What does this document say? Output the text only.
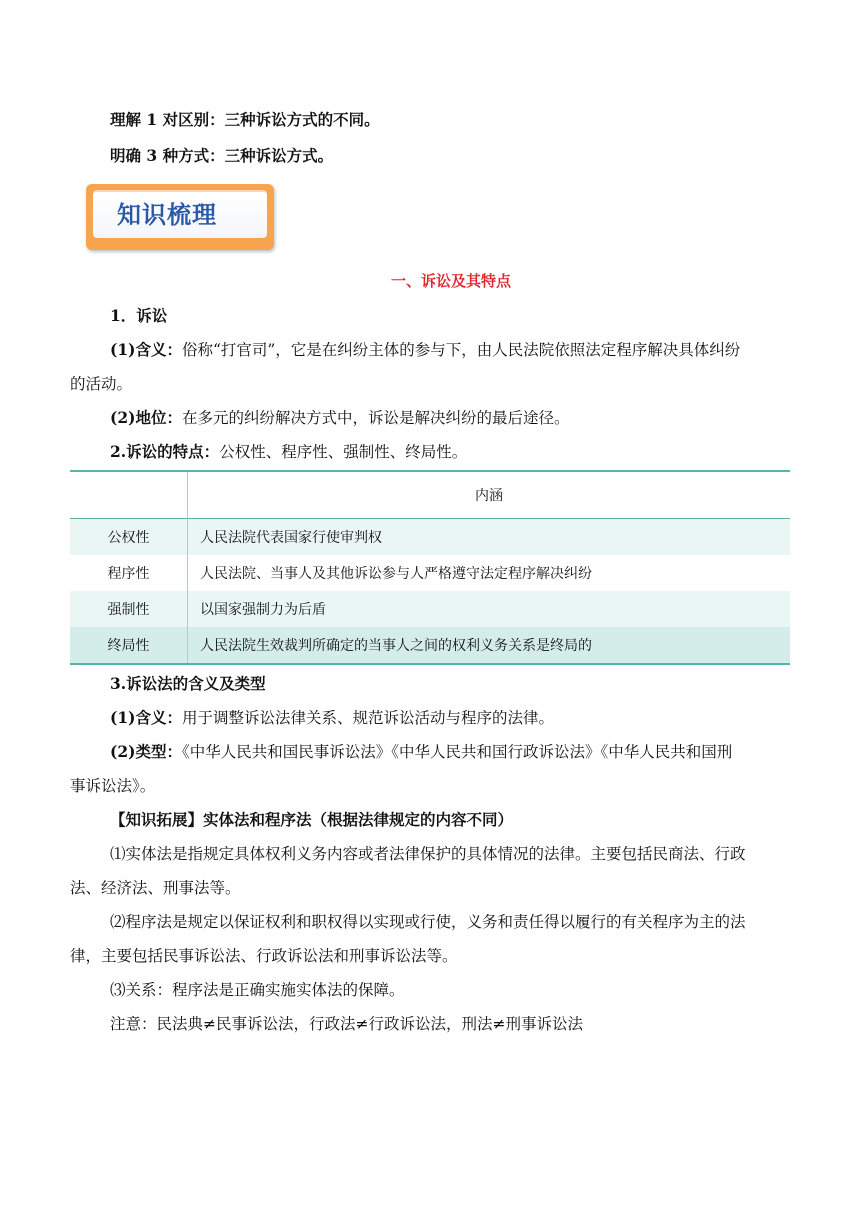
理解 1 对区别：三种诉讼方式的不同。
明确 3 种方式：三种诉讼方式。
知识梳理
一、诉讼及其特点
1．诉讼
(1)含义：俗称“打官司”，它是在纠纷主体的参与下，由人民法院依照法定程序解决具体纠纷
的活动。
(2)地位：在多元的纠纷解决方式中，诉讼是解决纠纷的最后途径。
2.诉讼的特点：公权性、程序性、强制性、终局性。
	内涵
公权性	人民法院代表国家行使审判权
程序性	人民法院、当事人及其他诉讼参与人严格遵守法定程序解决纠纷
强制性	以国家强制力为后盾
终局性	人民法院生效裁判所确定的当事人之间的权利义务关系是终局的
3.诉讼法的含义及类型
(1)含义：用于调整诉讼法律关系、规范诉讼活动与程序的法律。
(2)类型：《中华人民共和国民事诉讼法》《中华人民共和国行政诉讼法》《中华人民共和国刑
事诉讼法》。
【知识拓展】实体法和程序法（根据法律规定的内容不同）
⑴实体法是指规定具体权利义务内容或者法律保护的具体情况的法律。主要包括民商法、行政
法、经济法、刑事法等。
⑵程序法是规定以保证权利和职权得以实现或行使，义务和责任得以履行的有关程序为主的法
律，主要包括民事诉讼法、行政诉讼法和刑事诉讼法等。
⑶关系：程序法是正确实施实体法的保障。
注意：民法典≠民事诉讼法，行政法≠行政诉讼法，刑法≠刑事诉讼法
